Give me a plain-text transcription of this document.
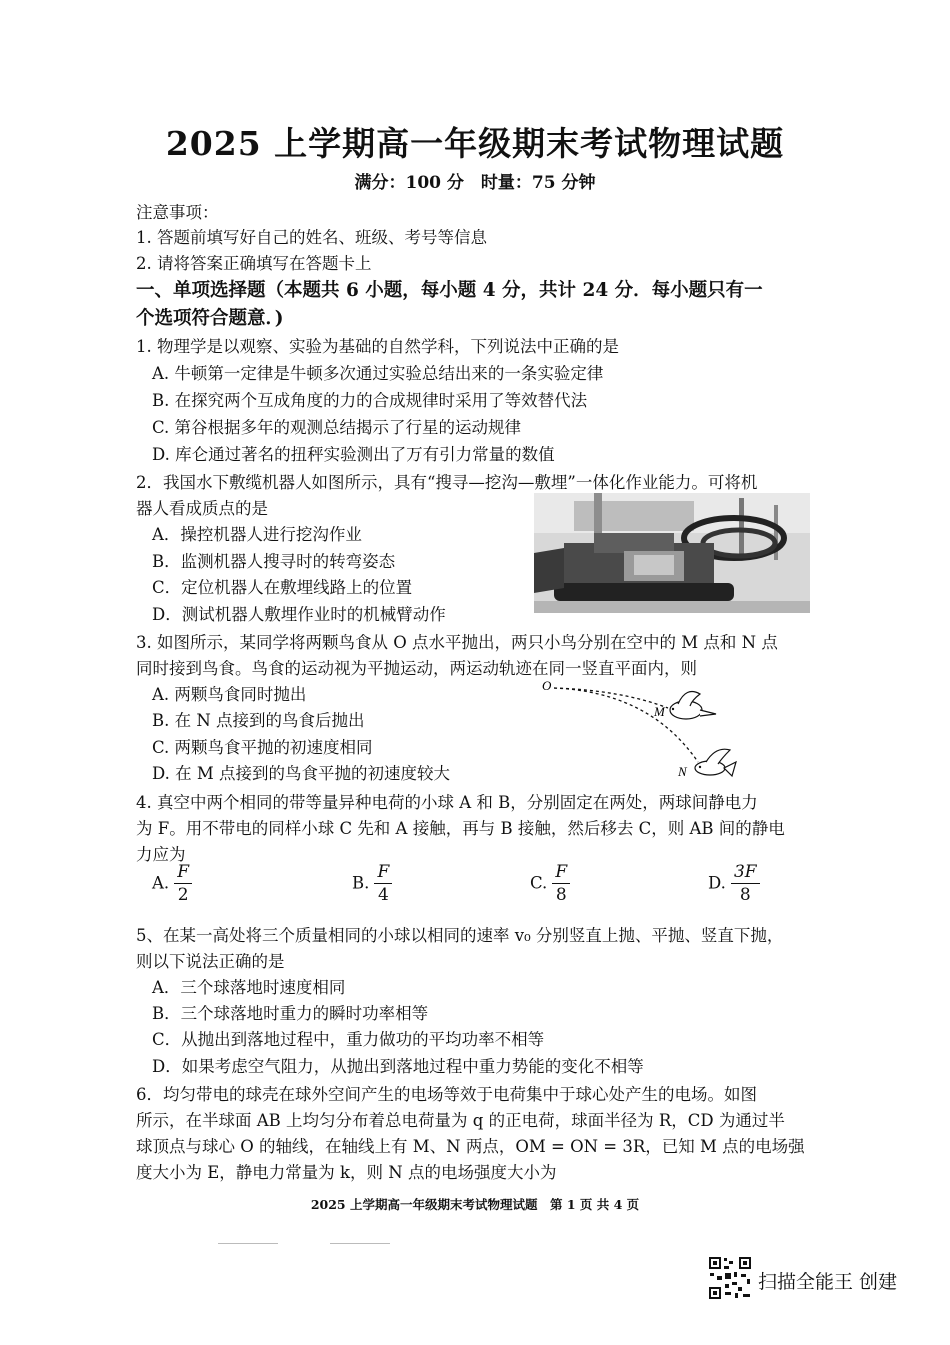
2025 上学期高一年级期末考试物理试题
满分：100 分　时量：75 分钟
注意事项：
1. 答题前填写好自己的姓名、班级、考号等信息
2. 请将答案正确填写在答题卡上
一、单项选择题（本题共 6 小题，每小题 4 分，共计 24 分．每小题只有一
个选项符合题意．)
1. 物理学是以观察、实验为基础的自然学科，下列说法中正确的是
A. 牛顿第一定律是牛顿多次通过实验总结出来的一条实验定律
B. 在探究两个互成角度的力的合成规律时采用了等效替代法
C. 第谷根据多年的观测总结揭示了行星的运动规律
D. 库仑通过著名的扭秤实验测出了万有引力常量的数值
2．我国水下敷缆机器人如图所示，具有“搜寻—挖沟—敷埋”一体化作业能力。可将机
器人看成质点的是
A．操控机器人进行挖沟作业
B．监测机器人搜寻时的转弯姿态
C．定位机器人在敷埋线路上的位置
D．测试机器人敷埋作业时的机械臂动作
3. 如图所示，某同学将两颗鸟食从 O 点水平抛出，两只小鸟分别在空中的 M 点和 N 点
同时接到鸟食。鸟食的运动视为平抛运动，两运动轨迹在同一竖直平面内，则
A. 两颗鸟食同时抛出
B. 在 N 点接到的鸟食后抛出
C. 两颗鸟食平抛的初速度相同
D. 在 M 点接到的鸟食平抛的初速度较大
O
M
N
4. 真空中两个相同的带等量异种电荷的小球 A 和 B，分别固定在两处，两球间静电力
为 F。用不带电的同样小球 C 先和 A 接触，再与 B 接触，然后移去 C，则 AB 间的静电
力应为
A. $\frac{F}{2}$	B. $\frac{F}{4}$	C. $\frac{F}{8}$	D. $\frac{3F}{8}$
5、在某一高处将三个质量相同的小球以相同的速率 v₀ 分别竖直上抛、平抛、竖直下抛，
则以下说法正确的是
A．三个球落地时速度相同
B．三个球落地时重力的瞬时功率相等
C．从抛出到落地过程中，重力做功的平均功率不相等
D．如果考虑空气阻力，从抛出到落地过程中重力势能的变化不相等
6．均匀带电的球壳在球外空间产生的电场等效于电荷集中于球心处产生的电场。如图
所示，在半球面 AB 上均匀分布着总电荷量为 q 的正电荷，球面半径为 R，CD 为通过半
球顶点与球心 O 的轴线，在轴线上有 M、N 两点，OM = ON = 3R，已知 M 点的电场强
度大小为 E，静电力常量为 k，则 N 点的电场强度大小为
2025 上学期高一年级期末考试物理试题　第 1 页 共 4 页
扫描全能王 创建
